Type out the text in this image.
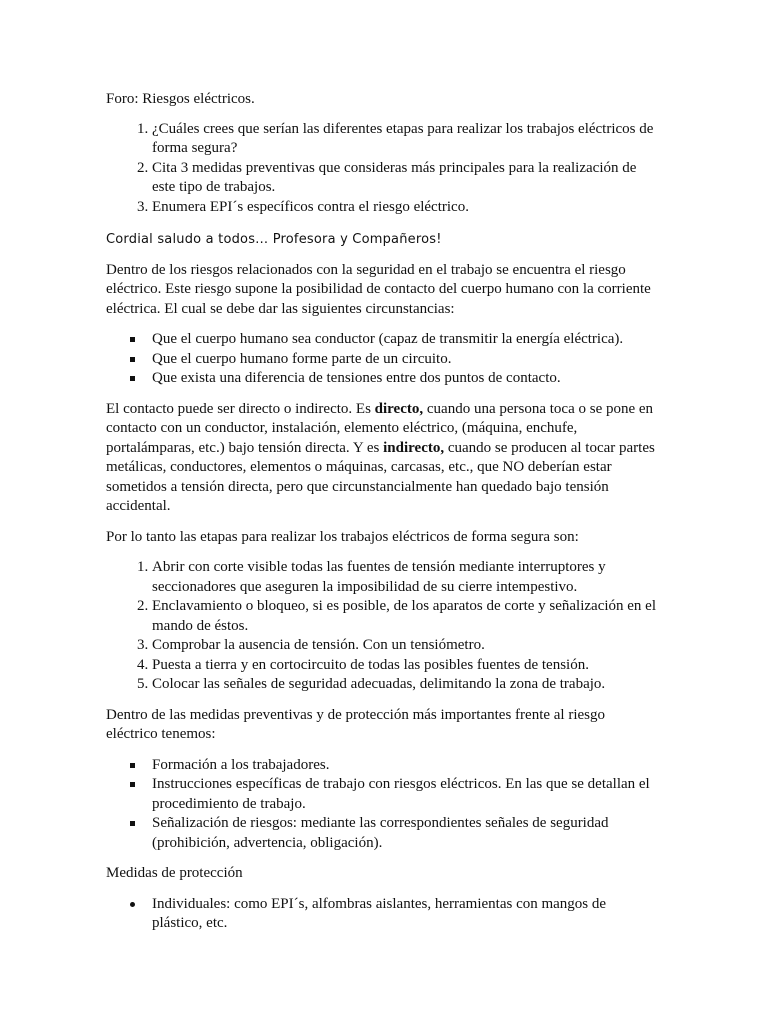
Foro: Riesgos eléctricos.

1. ¿Cuáles crees que serían las diferentes etapas para realizar los trabajos eléctricos de forma segura?
2. Cita 3 medidas preventivas que consideras más principales para la realización de este tipo de trabajos.
3. Enumera EPI´s específicos contra el riesgo eléctrico.

Cordial saludo a todos… Profesora y Compañeros!

Dentro de los riesgos relacionados con la seguridad en el trabajo se encuentra el riesgo eléctrico. Este riesgo supone la posibilidad de contacto del cuerpo humano con la corriente eléctrica. El cual se debe dar las siguientes circunstancias:

Que el cuerpo humano sea conductor (capaz de transmitir la energía eléctrica).
Que el cuerpo humano forme parte de un circuito.
Que exista una diferencia de tensiones entre dos puntos de contacto.

El contacto puede ser directo o indirecto. Es directo, cuando una persona toca o se pone en contacto con un conductor, instalación, elemento eléctrico, (máquina, enchufe, portalámparas, etc.) bajo tensión directa. Y es indirecto, cuando se producen al tocar partes metálicas, conductores, elementos o máquinas, carcasas, etc., que NO deberían estar sometidos a tensión directa, pero que circunstancialmente han quedado bajo tensión accidental.

Por lo tanto las etapas para realizar los trabajos eléctricos de forma segura son:

1. Abrir con corte visible todas las fuentes de tensión mediante interruptores y seccionadores que aseguren la imposibilidad de su cierre intempestivo.
2. Enclavamiento o bloqueo, si es posible, de los aparatos de corte y señalización en el mando de éstos.
3. Comprobar la ausencia de tensión. Con un tensiómetro.
4. Puesta a tierra y en cortocircuito de todas las posibles fuentes de tensión.
5. Colocar las señales de seguridad adecuadas, delimitando la zona de trabajo.

Dentro de las medidas preventivas y de protección más importantes frente al riesgo eléctrico tenemos:

Formación a los trabajadores.
Instrucciones específicas de trabajo con riesgos eléctricos. En las que se detallan el procedimiento de trabajo.
Señalización de riesgos: mediante las correspondientes señales de seguridad (prohibición, advertencia, obligación).

Medidas de protección

Individuales: como EPI´s, alfombras aislantes, herramientas con mangos de plástico, etc.
